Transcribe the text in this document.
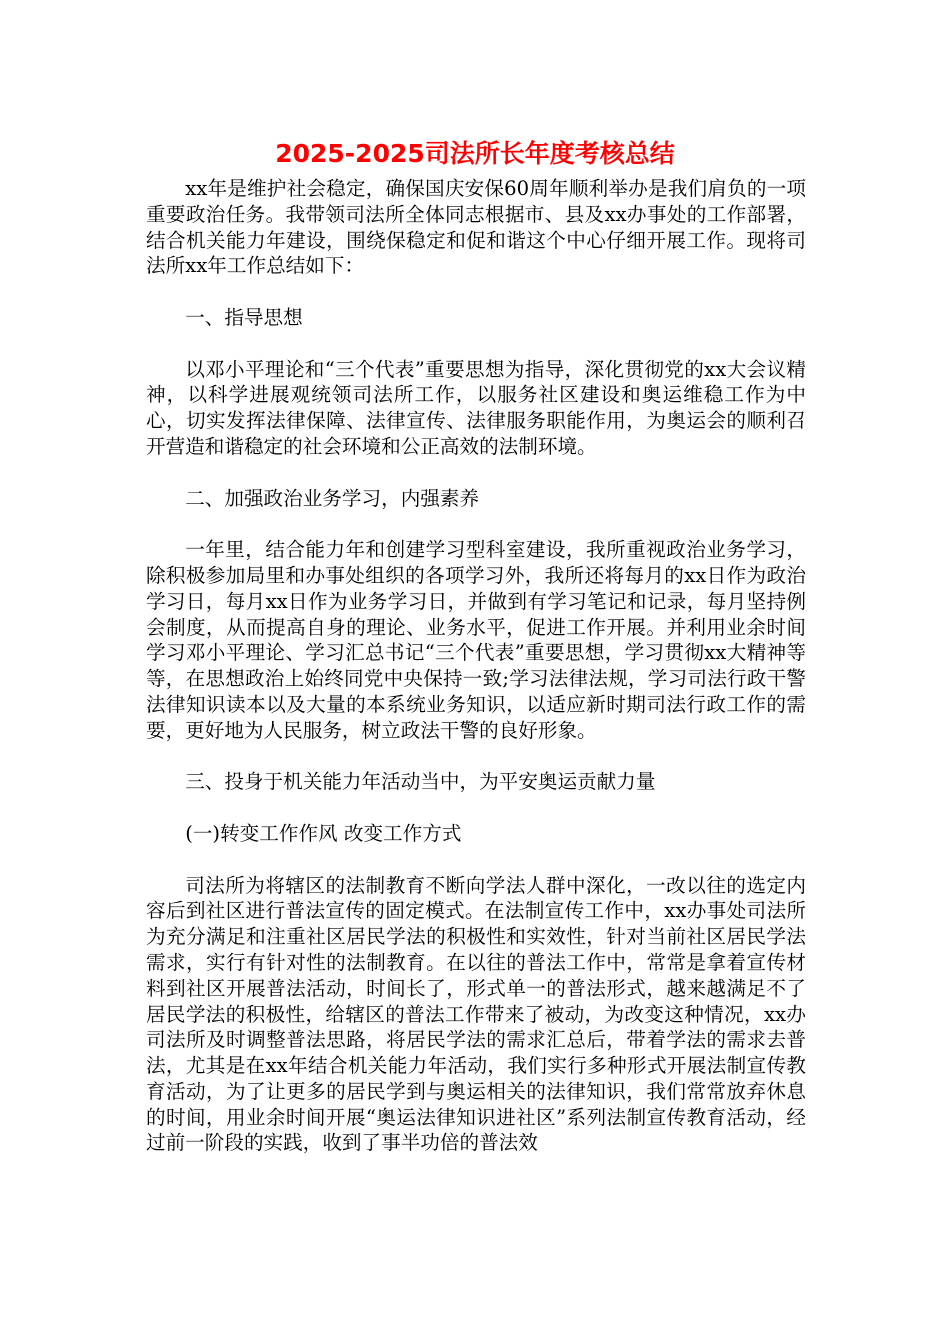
2025-2025司法所长年度考核总结

xx年是维护社会稳定，确保国庆安保60周年顺利举办是我们肩负的一项重要政治任务。我带领司法所全体同志根据市、县及xx办事处的工作部署，结合机关能力年建设，围绕保稳定和促和谐这个中心仔细开展工作。现将司法所xx年工作总结如下：

一、指导思想

以邓小平理论和“三个代表”重要思想为指导，深化贯彻党的xx大会议精神，以科学进展观统领司法所工作，以服务社区建设和奥运维稳工作为中心，切实发挥法律保障、法律宣传、法律服务职能作用，为奥运会的顺利召开营造和谐稳定的社会环境和公正高效的法制环境。

二、加强政治业务学习，内强素养

一年里，结合能力年和创建学习型科室建设，我所重视政治业务学习，除积极参加局里和办事处组织的各项学习外，我所还将每月的xx日作为政治学习日，每月xx日作为业务学习日，并做到有学习笔记和记录，每月坚持例会制度，从而提高自身的理论、业务水平，促进工作开展。并利用业余时间学习邓小平理论、学习汇总书记“三个代表”重要思想，学习贯彻xx大精神等等，在思想政治上始终同党中央保持一致;学习法律法规，学习司法行政干警法律知识读本以及大量的本系统业务知识，以适应新时期司法行政工作的需要，更好地为人民服务，树立政法干警的良好形象。

三、投身于机关能力年活动当中，为平安奥运贡献力量

(一)转变工作作风 改变工作方式

司法所为将辖区的法制教育不断向学法人群中深化，一改以往的选定内容后到社区进行普法宣传的固定模式。在法制宣传工作中，xx办事处司法所为充分满足和注重社区居民学法的积极性和实效性，针对当前社区居民学法需求，实行有针对性的法制教育。在以往的普法工作中，常常是拿着宣传材料到社区开展普法活动，时间长了，形式单一的普法形式，越来越满足不了居民学法的积极性，给辖区的普法工作带来了被动，为改变这种情况，xx办司法所及时调整普法思路，将居民学法的需求汇总后，带着学法的需求去普法，尤其是在xx年结合机关能力年活动，我们实行多种形式开展法制宣传教育活动，为了让更多的居民学到与奥运相关的法律知识，我们常常放弃休息的时间，用业余时间开展“奥运法律知识进社区”系列法制宣传教育活动，经过前一阶段的实践，收到了事半功倍的普法效
